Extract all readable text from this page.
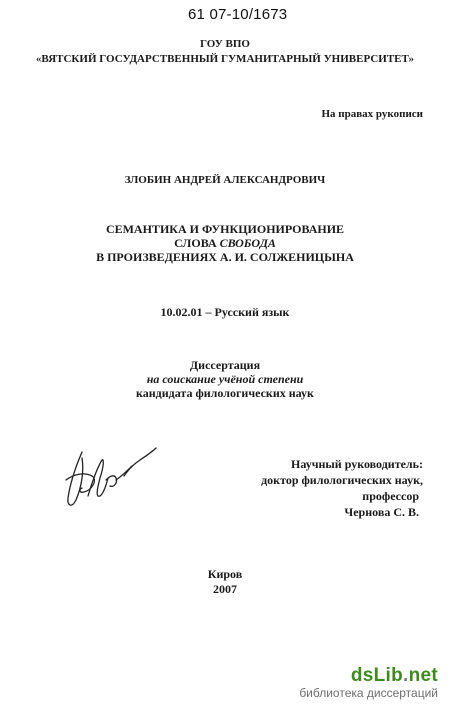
61 07-10/1673
ГОУ ВПО
«ВЯТСКИЙ ГОСУДАРСТВЕННЫЙ ГУМАНИТАРНЫЙ УНИВЕРСИТЕТ»
На правах рукописи
ЗЛОБИН АНДРЕЙ АЛЕКСАНДРОВИЧ
СЕМАНТИКА И ФУНКЦИОНИРОВАНИЕ
СЛОВА СВОБОДА
В ПРОИЗВЕДЕНИЯХ А. И. СОЛЖЕНИЦЫНА
10.02.01 – Русский язык
Диссертация
на соискание учёной степени
кандидата филологических наук
Научный руководитель:
доктор филологических наук,
профессор
Чернова С. В.
Киров
2007
dsLib.net
библиотека диссертаций
